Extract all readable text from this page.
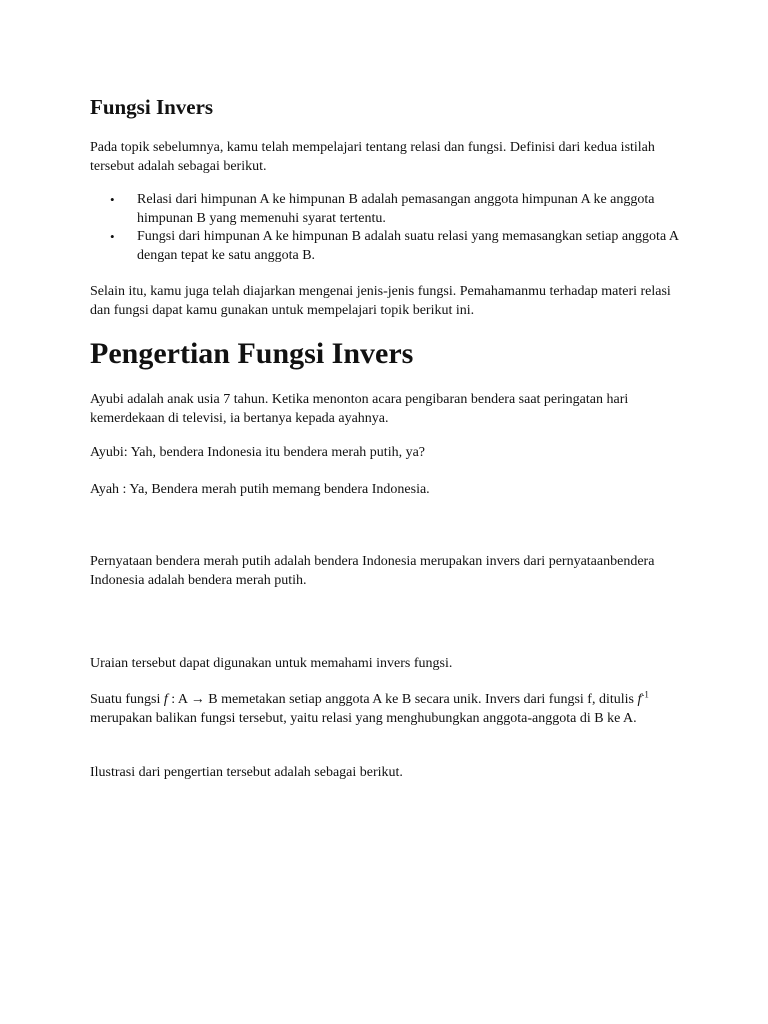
Fungsi Invers

Pada topik sebelumnya, kamu telah mempelajari tentang relasi dan fungsi. Definisi dari kedua istilah tersebut adalah sebagai berikut.

• Relasi dari himpunan A ke himpunan B adalah pemasangan anggota himpunan A ke anggota himpunan B yang memenuhi syarat tertentu.
• Fungsi dari himpunan A ke himpunan B adalah suatu relasi yang memasangkan setiap anggota A dengan tepat ke satu anggota B.

Selain itu, kamu juga telah diajarkan mengenai jenis-jenis fungsi. Pemahamanmu terhadap materi relasi dan fungsi dapat kamu gunakan untuk mempelajari topik berikut ini.

Pengertian Fungsi Invers

Ayubi adalah anak usia 7 tahun. Ketika menonton acara pengibaran bendera saat peringatan hari kemerdekaan di televisi, ia bertanya kepada ayahnya.

Ayubi: Yah, bendera Indonesia itu bendera merah putih, ya?

Ayah : Ya, Bendera merah putih memang bendera Indonesia.

Pernyataan bendera merah putih adalah bendera Indonesia merupakan invers dari pernyataanbendera Indonesia adalah bendera merah putih.

Uraian tersebut dapat digunakan untuk memahami invers fungsi.

Suatu fungsi f : A → B memetakan setiap anggota A ke B secara unik. Invers dari fungsi f, ditulis $f^{-1}$ merupakan balikan fungsi tersebut, yaitu relasi yang menghubungkan anggota-anggota di B ke A.

Ilustrasi dari pengertian tersebut adalah sebagai berikut.
